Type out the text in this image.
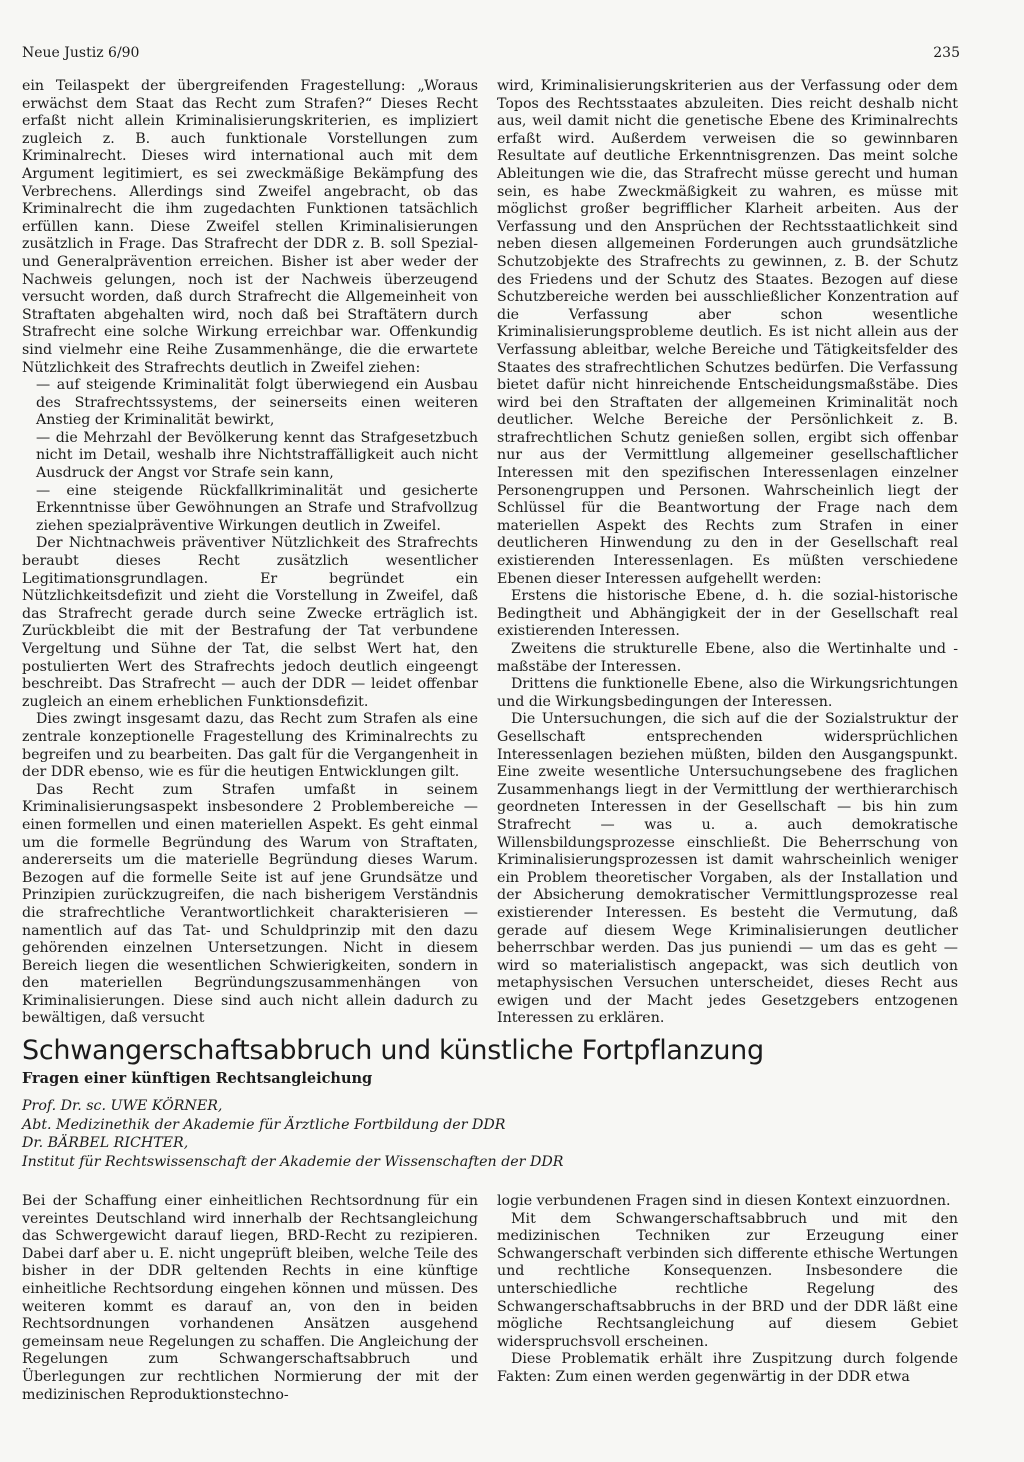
Neue Justiz 6/90	235

ein Teilaspekt der übergreifenden Fragestellung: „Woraus erwächst dem Staat das Recht zum Strafen?“ Dieses Recht erfaßt nicht allein Kriminalisierungskriterien, es impliziert zugleich z. B. auch funktionale Vorstellungen zum Kriminalrecht. Dieses wird international auch mit dem Argument legitimiert, es sei zweckmäßige Bekämpfung des Verbrechens. Allerdings sind Zweifel angebracht, ob das Kriminalrecht die ihm zugedachten Funktionen tatsächlich erfüllen kann. Diese Zweifel stellen Kriminalisierungen zusätzlich in Frage. Das Strafrecht der DDR z. B. soll Spezial- und Generalprävention erreichen. Bisher ist aber weder der Nachweis gelungen, noch ist der Nachweis überzeugend versucht worden, daß durch Strafrecht die Allgemeinheit von Straftaten abgehalten wird, noch daß bei Straftätern durch Strafrecht eine solche Wirkung erreichbar war. Offenkundig sind vielmehr eine Reihe Zusammenhänge, die die erwartete Nützlichkeit des Strafrechts deutlich in Zweifel ziehen:

— auf steigende Kriminalität folgt überwiegend ein Ausbau des Strafrechtssystems, der seinerseits einen weiteren Anstieg der Kriminalität bewirkt,

— die Mehrzahl der Bevölkerung kennt das Strafgesetzbuch nicht im Detail, weshalb ihre Nichtstraffälligkeit auch nicht Ausdruck der Angst vor Strafe sein kann,

— eine steigende Rückfallkriminalität und gesicherte Erkenntnisse über Gewöhnungen an Strafe und Strafvollzug ziehen spezialpräventive Wirkungen deutlich in Zweifel.

Der Nichtnachweis präventiver Nützlichkeit des Strafrechts beraubt dieses Recht zusätzlich wesentlicher Legitimationsgrundlagen. Er begründet ein Nützlichkeitsdefizit und zieht die Vorstellung in Zweifel, daß das Strafrecht gerade durch seine Zwecke erträglich ist. Zurückbleibt die mit der Bestrafung der Tat verbundene Vergeltung und Sühne der Tat, die selbst Wert hat, den postulierten Wert des Strafrechts jedoch deutlich eingeengt beschreibt. Das Strafrecht — auch der DDR — leidet offenbar zugleich an einem erheblichen Funktionsdefizit.

Dies zwingt insgesamt dazu, das Recht zum Strafen als eine zentrale konzeptionelle Fragestellung des Kriminalrechts zu begreifen und zu bearbeiten. Das galt für die Vergangenheit in der DDR ebenso, wie es für die heutigen Entwicklungen gilt.

Das Recht zum Strafen umfaßt in seinem Kriminalisierungsaspekt insbesondere 2 Problembereiche — einen formellen und einen materiellen Aspekt. Es geht einmal um die formelle Begründung des Warum von Straftaten, andererseits um die materielle Begründung dieses Warum. Bezogen auf die formelle Seite ist auf jene Grundsätze und Prinzipien zurückzugreifen, die nach bisherigem Verständnis die strafrechtliche Verantwortlichkeit charakterisieren — namentlich auf das Tat- und Schuldprinzip mit den dazu gehörenden einzelnen Untersetzungen. Nicht in diesem Bereich liegen die wesentlichen Schwierigkeiten, sondern in den materiellen Begründungszusammenhängen von Kriminalisierungen. Diese sind auch nicht allein dadurch zu bewältigen, daß versucht

wird, Kriminalisierungskriterien aus der Verfassung oder dem Topos des Rechtsstaates abzuleiten. Dies reicht deshalb nicht aus, weil damit nicht die genetische Ebene des Kriminalrechts erfaßt wird. Außerdem verweisen die so gewinnbaren Resultate auf deutliche Erkenntnisgrenzen. Das meint solche Ableitungen wie die, das Strafrecht müsse gerecht und human sein, es habe Zweckmäßigkeit zu wahren, es müsse mit möglichst großer begrifflicher Klarheit arbeiten. Aus der Verfassung und den Ansprüchen der Rechtsstaatlichkeit sind neben diesen allgemeinen Forderungen auch grundsätzliche Schutzobjekte des Strafrechts zu gewinnen, z. B. der Schutz des Friedens und der Schutz des Staates. Bezogen auf diese Schutzbereiche werden bei ausschließlicher Konzentration auf die Verfassung aber schon wesentliche Kriminalisierungsprobleme deutlich. Es ist nicht allein aus der Verfassung ableitbar, welche Bereiche und Tätigkeitsfelder des Staates des strafrechtlichen Schutzes bedürfen. Die Verfassung bietet dafür nicht hinreichende Entscheidungsmaßstäbe. Dies wird bei den Straftaten der allgemeinen Kriminalität noch deutlicher. Welche Bereiche der Persönlichkeit z. B. strafrechtlichen Schutz genießen sollen, ergibt sich offenbar nur aus der Vermittlung allgemeiner gesellschaftlicher Interessen mit den spezifischen Interessenlagen einzelner Personengruppen und Personen. Wahrscheinlich liegt der Schlüssel für die Beantwortung der Frage nach dem materiellen Aspekt des Rechts zum Strafen in einer deutlicheren Hinwendung zu den in der Gesellschaft real existierenden Interessenlagen. Es müßten verschiedene Ebenen dieser Interessen aufgehellt werden:

Erstens die historische Ebene, d. h. die sozial-historische Bedingtheit und Abhängigkeit der in der Gesellschaft real existierenden Interessen.

Zweitens die strukturelle Ebene, also die Wertinhalte und -maßstäbe der Interessen.

Drittens die funktionelle Ebene, also die Wirkungsrichtungen und die Wirkungsbedingungen der Interessen.

Die Untersuchungen, die sich auf die der Sozialstruktur der Gesellschaft entsprechenden widersprüchlichen Interessenlagen beziehen müßten, bilden den Ausgangspunkt. Eine zweite wesentliche Untersuchungsebene des fraglichen Zusammenhangs liegt in der Vermittlung der werthierarchisch geordneten Interessen in der Gesellschaft — bis hin zum Strafrecht — was u. a. auch demokratische Willensbildungsprozesse einschließt. Die Beherrschung von Kriminalisierungsprozessen ist damit wahrscheinlich weniger ein Problem theoretischer Vorgaben, als der Installation und der Absicherung demokratischer Vermittlungsprozesse real existierender Interessen. Es besteht die Vermutung, daß gerade auf diesem Wege Kriminalisierungen deutlicher beherrschbar werden. Das jus puniendi — um das es geht — wird so materialistisch angepackt, was sich deutlich von metaphysischen Versuchen unterscheidet, dieses Recht aus ewigen und der Macht jedes Gesetzgebers entzogenen Interessen zu erklären.

Schwangerschaftsabbruch und künstliche Fortpflanzung
Fragen einer künftigen Rechtsangleichung
Prof. Dr. sc. UWE KÖRNER,
Abt. Medizinethik der Akademie für Ärztliche Fortbildung der DDR
Dr. BÄRBEL RICHTER,
Institut für Rechtswissenschaft der Akademie der Wissenschaften der DDR

Bei der Schaffung einer einheitlichen Rechtsordnung für ein vereintes Deutschland wird innerhalb der Rechtsangleichung das Schwergewicht darauf liegen, BRD-Recht zu rezipieren. Dabei darf aber u. E. nicht ungeprüft bleiben, welche Teile des bisher in der DDR geltenden Rechts in eine künftige einheitliche Rechtsordung eingehen können und müssen. Des weiteren kommt es darauf an, von den in beiden Rechtsordnungen vorhandenen Ansätzen ausgehend gemeinsam neue Regelungen zu schaffen. Die Angleichung der Regelungen zum Schwangerschaftsabbruch und Überlegungen zur rechtlichen Normierung der mit der medizinischen Reproduktionstechno-

logie verbundenen Fragen sind in diesen Kontext einzuordnen.

Mit dem Schwangerschaftsabbruch und mit den medizinischen Techniken zur Erzeugung einer Schwangerschaft verbinden sich differente ethische Wertungen und rechtliche Konsequenzen. Insbesondere die unterschiedliche rechtliche Regelung des Schwangerschaftsabbruchs in der BRD und der DDR läßt eine mögliche Rechtsangleichung auf diesem Gebiet widerspruchsvoll erscheinen.

Diese Problematik erhält ihre Zuspitzung durch folgende Fakten: Zum einen werden gegenwärtig in der DDR etwa
